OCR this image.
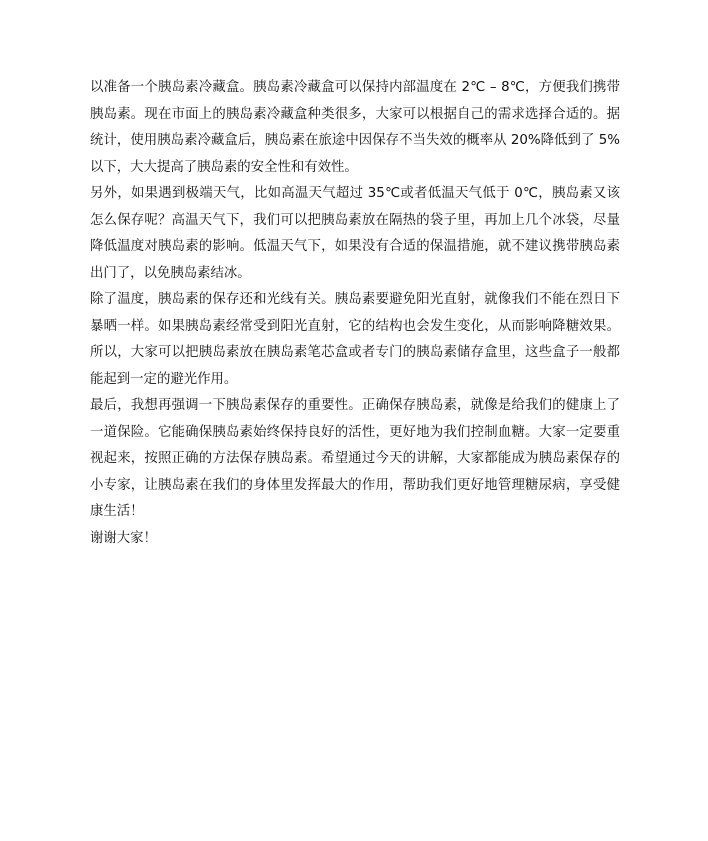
以准备一个胰岛素冷藏盒。胰岛素冷藏盒可以保持内部温度在 2℃ – 8℃，方便我们携带胰岛素。现在市面上的胰岛素冷藏盒种类很多，大家可以根据自己的需求选择合适的。据统计，使用胰岛素冷藏盒后，胰岛素在旅途中因保存不当失效的概率从 20%降低到了 5%以下，大大提高了胰岛素的安全性和有效性。

另外，如果遇到极端天气，比如高温天气超过 35℃或者低温天气低于 0℃，胰岛素又该怎么保存呢？高温天气下，我们可以把胰岛素放在隔热的袋子里，再加上几个冰袋，尽量降低温度对胰岛素的影响。低温天气下，如果没有合适的保温措施，就不建议携带胰岛素出门了，以免胰岛素结冰。

除了温度，胰岛素的保存还和光线有关。胰岛素要避免阳光直射，就像我们不能在烈日下暴晒一样。如果胰岛素经常受到阳光直射，它的结构也会发生变化，从而影响降糖效果。所以，大家可以把胰岛素放在胰岛素笔芯盒或者专门的胰岛素储存盒里，这些盒子一般都能起到一定的避光作用。

最后，我想再强调一下胰岛素保存的重要性。正确保存胰岛素，就像是给我们的健康上了一道保险。它能确保胰岛素始终保持良好的活性，更好地为我们控制血糖。大家一定要重视起来，按照正确的方法保存胰岛素。希望通过今天的讲解，大家都能成为胰岛素保存的小专家，让胰岛素在我们的身体里发挥最大的作用，帮助我们更好地管理糖尿病，享受健康生活！

谢谢大家！
